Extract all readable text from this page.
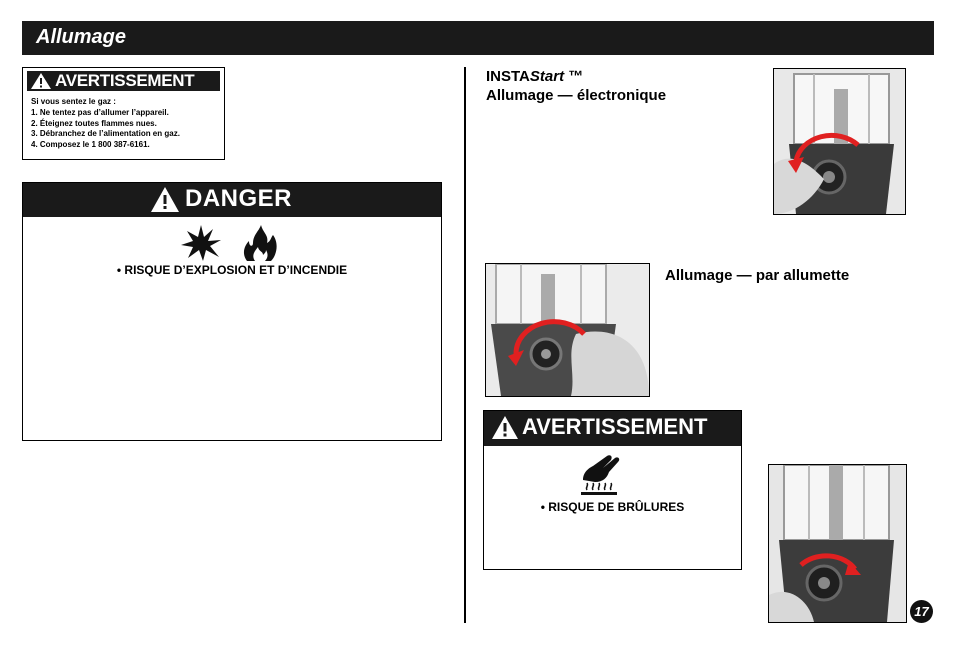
Allumage
AVERTISSEMENT
Si vous sentez le gaz :
1. Ne tentez pas d’allumer l’appareil.
2. Éteignez toutes flammes nues.
3. Débranchez de l’alimentation en gaz.
4. Composez le 1 800 387-6161.
DANGER

• RISQUE D’EXPLOSION ET D’INCENDIE
INSTAStart ™
Allumage — électronique
Allumage — par allumette
AVERTISSEMENT
• RISQUE DE BRÛLURES
17
